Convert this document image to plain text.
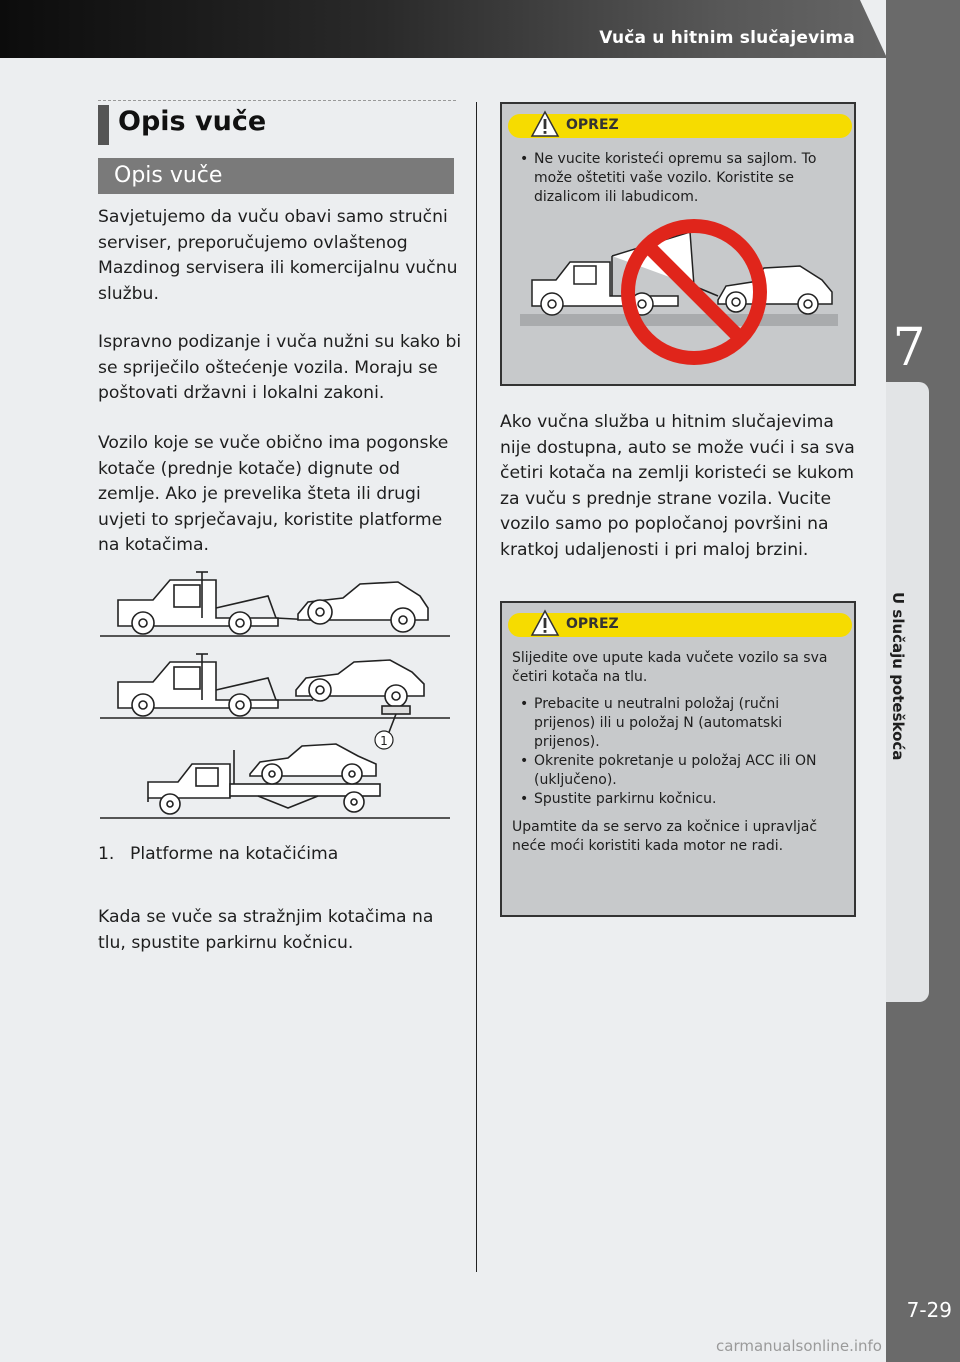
Vuča u hitnim slučajevima
7
U slučaju poteškoća
7-29
carmanualsonline.info
Opis vuče
Opis vuče

Savjetujemo da vuču obavi samo stručni serviser, preporučujemo ovlaštenog Mazdinog servisera ili komercijalnu vučnu službu.

Ispravno podizanje i vuča nužni su kako bi se spriječilo oštećenje vozila. Moraju se poštovati državni i lokalni zakoni.

Vozilo koje se vuče obično ima pogonske kotače (prednje kotače) dignute od zemlje. Ako je prevelika šteta ili drugi uvjeti to sprječavaju, koristite platforme na kotačima.

1
1. Platforme na kotačićima

Kada se vuče sa stražnjim kotačima na tlu, spustite parkirnu kočnicu.

OPREZ
• Ne vucite koristeći opremu sa sajlom. To može oštetiti vaše vozilo. Koristite se dizalicom ili labudicom.

Ako vučna služba u hitnim slučajevima nije dostupna, auto se može vući i sa sva četiri kotača na zemlji koristeći se kukom za vuču s prednje strane vozila. Vucite vozilo samo po popločanoj površini na kratkoj udaljenosti i pri maloj brzini.

OPREZ

Slijedite ove upute kada vučete vozilo sa sva četiri kotača na tlu.

• Prebacite u neutralni položaj (ručni prijenos) ili u položaj N (automatski prijenos).
• Okrenite pokretanje u položaj ACC ili ON (uključeno).
• Spustite parkirnu kočnicu.

Upamtite da se servo za kočnice i upravljač neće moći koristiti kada motor ne radi.
